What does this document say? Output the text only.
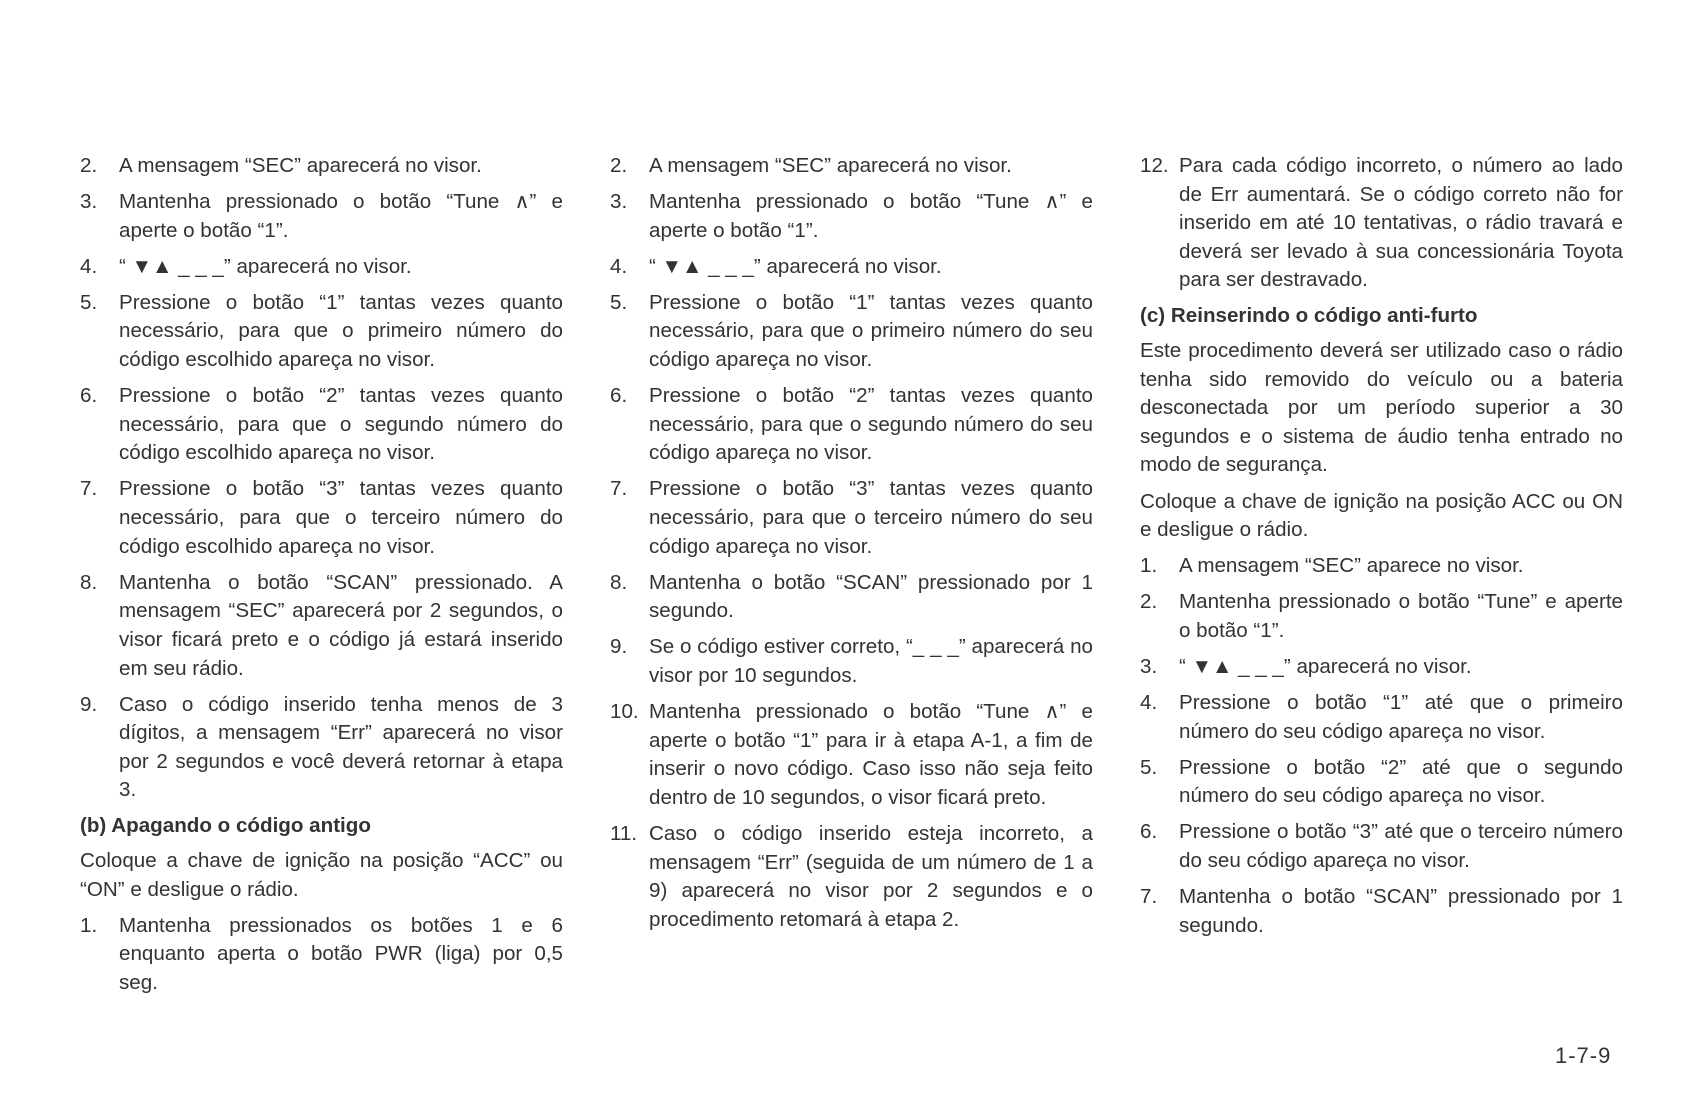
2.	A mensagem “SEC” aparecerá no visor.
3.	Mantenha pressionado o botão “Tune ∧” e aperte o botão “1”.
4.	“ ▼▲ _ _ _” aparecerá no visor.
5.	Pressione o botão “1” tantas vezes quanto necessário, para que o primeiro número do código escolhido apareça no visor.
6.	Pressione o botão “2” tantas vezes quanto necessário, para que o segundo número do código escolhido apareça no visor.
7.	Pressione o botão “3” tantas vezes quanto necessário, para que o terceiro número do código escolhido apareça no visor.
8.	Mantenha o botão “SCAN” pressionado. A mensagem “SEC” aparecerá por 2 segundos, o visor ficará preto e o código já estará inserido em seu rádio.
9.	Caso o código inserido tenha menos de 3 dígitos, a mensagem “Err” aparecerá no visor por 2 segundos e você deverá retornar à etapa 3.
(b) Apagando o código antigo
Coloque a chave de ignição na posição “ACC” ou “ON” e desligue o rádio.
1.	Mantenha pressionados os botões 1 e 6 enquanto aperta o botão PWR (liga) por 0,5 seg.
2.	A mensagem “SEC” aparecerá no visor.
3.	Mantenha pressionado o botão “Tune ∧” e aperte o botão “1”.
4.	“ ▼▲ _ _ _” aparecerá no visor.
5.	Pressione o botão “1” tantas vezes quanto necessário, para que o primeiro número do seu código apareça no visor.
6.	Pressione o botão “2” tantas vezes quanto necessário, para que o segundo número do seu código apareça no visor.
7.	Pressione o botão “3” tantas vezes quanto necessário, para que o terceiro número do seu código apareça no visor.
8.	Mantenha o botão “SCAN” pressionado por 1 segundo.
9.	Se o código estiver correto, “_ _ _” aparecerá no visor por 10 segundos.
10. Mantenha pressionado o botão “Tune ∧” e aperte o botão “1” para ir à etapa A-1, a fim de inserir o novo código. Caso isso não seja feito dentro de 10 segundos, o visor ficará preto.
11. Caso o código inserido esteja incorreto, a mensagem “Err” (seguida de um número de 1 a 9) aparecerá no visor por 2 segundos e o procedimento retomará à etapa 2.
12. Para cada código incorreto, o número ao lado de Err aumentará. Se o código correto não for inserido em até 10 tentativas, o rádio travará e deverá ser levado à sua concessionária Toyota para ser destravado.
(c) Reinserindo o código anti-furto
Este procedimento deverá ser utilizado caso o rádio tenha sido removido do veículo ou a bateria desconectada por um período superior a 30 segundos e o sistema de áudio tenha entrado no modo de segurança.
Coloque a chave de ignição na posição ACC ou ON e desligue o rádio.
1.	A mensagem “SEC” aparece no visor.
2.	Mantenha pressionado o botão “Tune” e aperte o botão “1”.
3.	“ ▼▲ _ _ _” aparecerá no visor.
4.	Pressione o botão “1” até que o primeiro número do seu código apareça no visor.
5.	Pressione o botão “2” até que o segundo número do seu código apareça no visor.
6.	Pressione o botão “3” até que o terceiro número do seu código apareça no visor.
7.	Mantenha o botão “SCAN” pressionado por 1 segundo.
1-7-9
